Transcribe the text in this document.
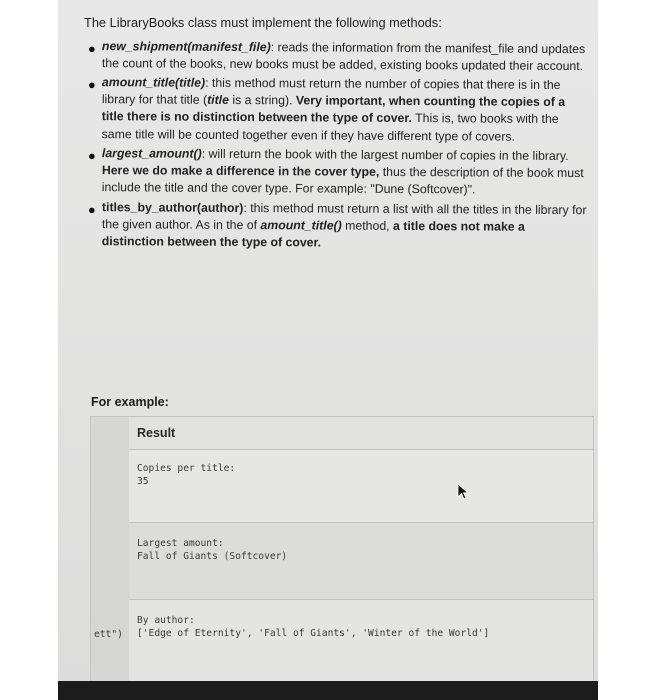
The LibraryBooks class must implement the following methods:
● new_shipment(manifest_file): reads the information from the manifest_file and updates the count of the books, new books must be added, existing books updated their account.
● amount_title(title): this method must return the number of copies that there is in the library for that title (title is a string). Very important, when counting the copies of a title there is no distinction between the type of cover. This is, two books with the same title will be counted together even if they have different type of covers.
● largest_amount(): will return the book with the largest number of copies in the library. Here we do make a difference in the cover type, thus the description of the book must include the title and the cover type. For example: "Dune (Softcover)".
● titles_by_author(author): this method must return a list with all the titles in the library for the given author. As in the of amount_title() method, a title does not make a distinction between the type of cover.
For example:
Result
Copies per title:
35
Largest amount:
Fall of Giants (Softcover)
By author:
['Edge of Eternity', 'Fall of Giants', 'Winter of the World']
ett")
